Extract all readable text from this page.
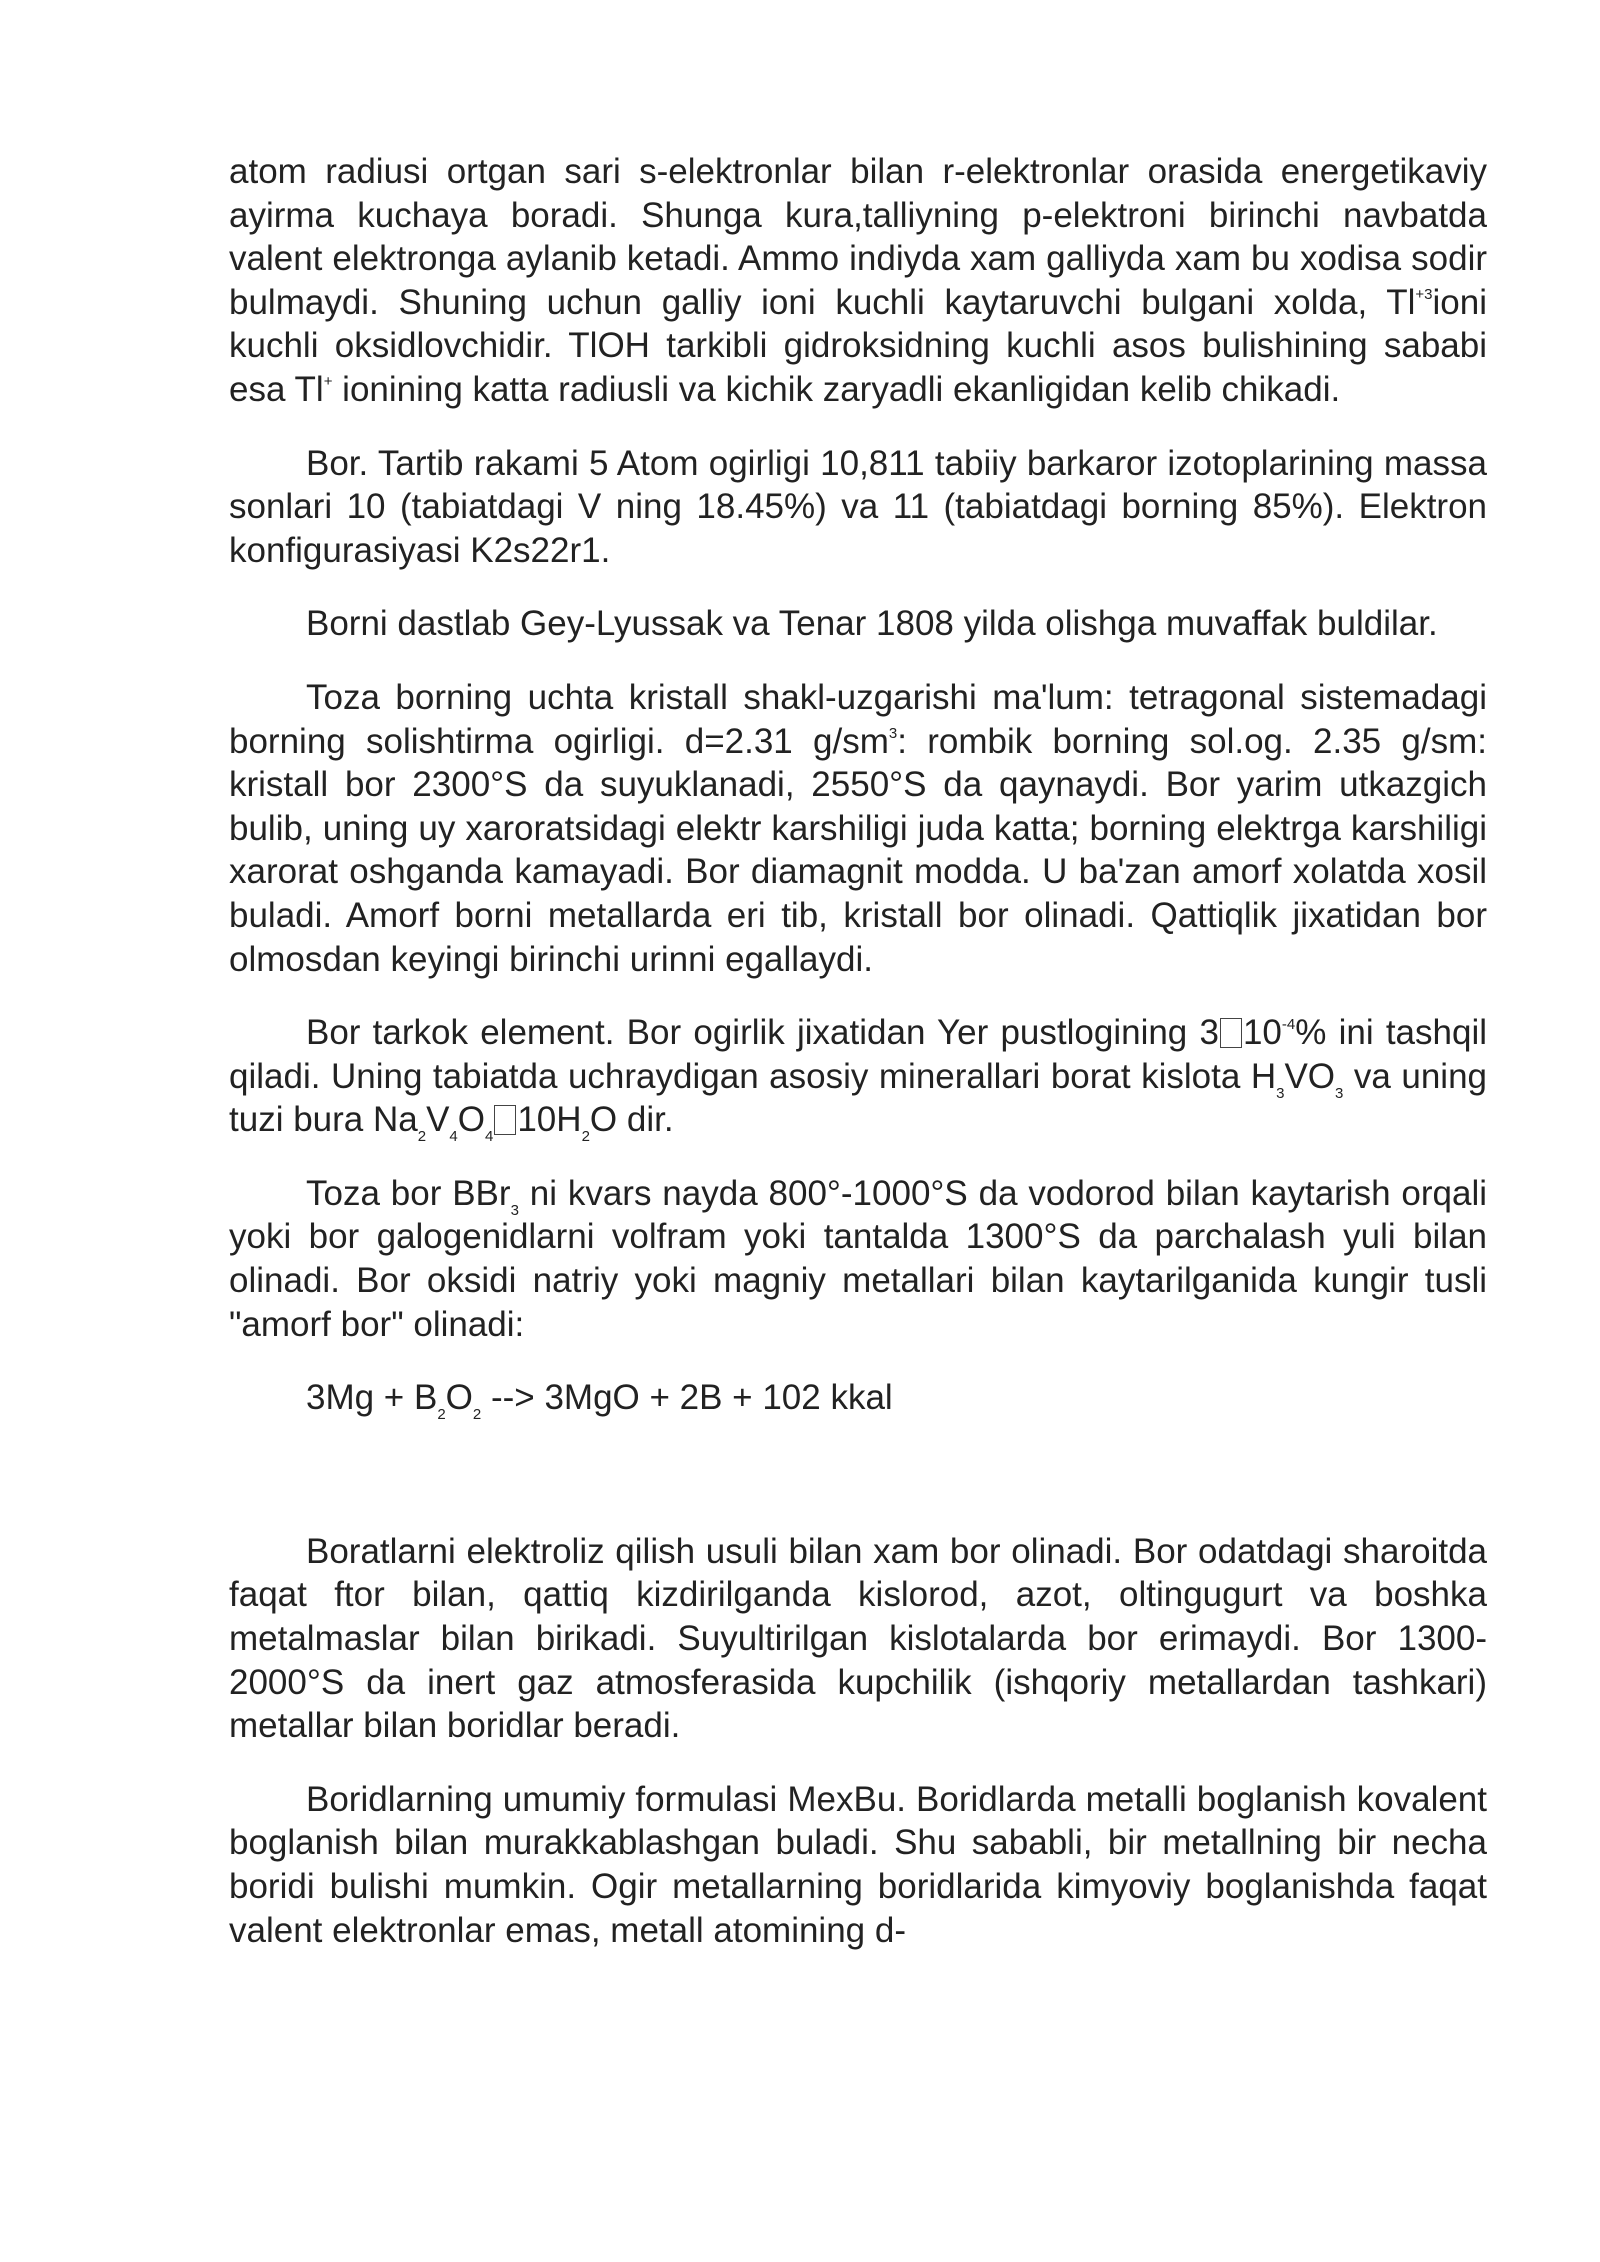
atom radiusi ortgan sari s-elektronlar bilan r-elektronlar orasida energetikaviy ayirma kuchaya boradi. Shunga kura,talliyning p-elektroni birinchi navbatda valent elektronga aylanib ketadi. Ammo indiyda xam galliyda xam bu xodisa sodir bulmaydi. Shuning uchun galliy ioni kuchli kaytaruvchi bulgani xolda, $Tl^{+3}ioni$ kuchli oksidlovchidir. TlOH tarkibli gidroksidning kuchli asos bulishining sababi esa Tl+ ionining katta radiusli va kichik zaryadli ekanligidan kelib chikadi.

Bor. Tartib rakami 5 Atom ogirligi 10,811 tabiiy barkaror izotoplarining massa sonlari 10 (tabiatdagi V ning 18.45%) va 11 (tabiatdagi borning 85%). Elektron konfigurasiyasi K2s22r1.

Borni dastlab Gey-Lyussak va Tenar 1808 yilda olishga muvaffak buldilar.

Toza borning uchta kristall shakl-uzgarishi ma'lum: tetragonal sistemadagi borning solishtirma ogirligi. d=2.31 $g/sm^3$: rombik borning sol.og. 2.35 g/sm: kristall bor 2300°S da suyuklanadi, 2550°S da qaynaydi. Bor yarim utkazgich bulib, uning uy xaroratsidagi elektr karshiligi juda katta; borning elektrga karshiligi xarorat oshganda kamayadi. Bor diamagnit modda. U ba'zan amorf xolatda xosil buladi. Amorf borni metallarda eri tib, kristall bor olinadi. Qattiqlik jixatidan bor olmosdan keyingi birinchi urinni egallaydi.

Bor tarkok element. Bor ogirlik jixatidan Yer pustlogining 3 $10^{-4}\%$ ini tashqil qiladi. Uning tabiatda uchraydigan asosiy minerallari borat kislota $H_3VO_3$ va uning tuzi bura $Na_2V_4O_4$ $10H_2O$ dir.

Toza bor BBr$_3$ ni kvars nayda 800°-1000°S da vodorod bilan kaytarish orqali yoki bor galogenidlarni volfram yoki tantalda 1300°S da parchalash yuli bilan olinadi. Bor oksidi natriy yoki magniy metallari bilan kaytarilganida kungir tusli "amorf bor" olinadi:

$3Mg + B_2O_2$ --> 3MgO + 2B + 102 kkal

Boratlarni elektroliz qilish usuli bilan xam bor olinadi. Bor odatdagi sharoitda faqat ftor bilan, qattiq kizdirilganda kislorod, azot, oltingugurt va boshka metalmaslar bilan birikadi. Suyultirilgan kislotalarda bor erimaydi. Bor 1300-2000°S da inert gaz atmosferasida kupchilik (ishqoriy metallardan tashkari) metallar bilan boridlar beradi.

Boridlarning umumiy formulasi MexBu. Boridlarda metalli boglanish kovalent boglanish bilan murakkablashgan buladi. Shu sababli, bir metallning bir necha boridi bulishi mumkin. Ogir metallarning boridlarida kimyoviy boglanishda faqat valent elektronlar emas, metall atomining d-
